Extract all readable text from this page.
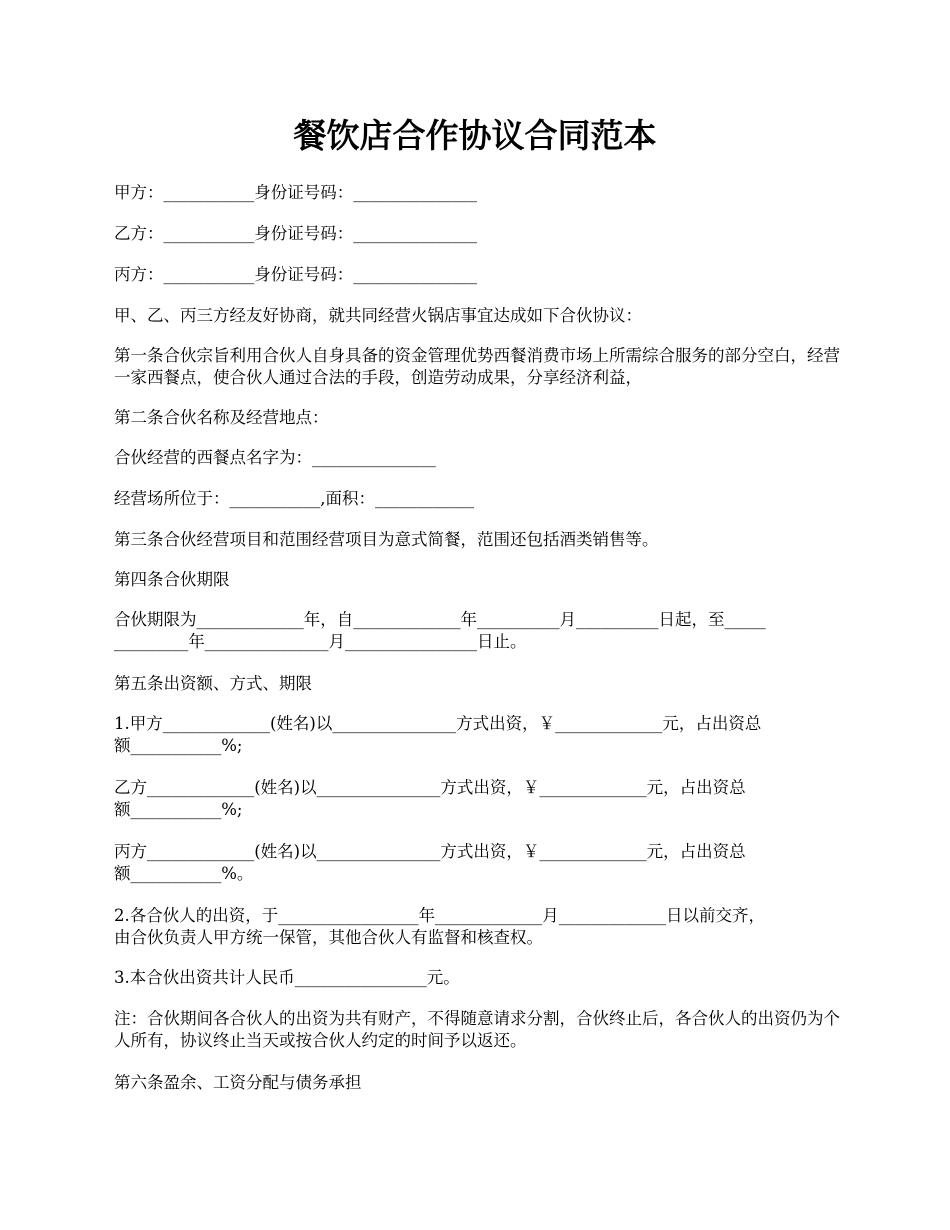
餐饮店合作协议合同范本
甲方：___________身份证号码：_______________
乙方：___________身份证号码：_______________
丙方：___________身份证号码：_______________
甲、乙、丙三方经友好协商，就共同经营火锅店事宜达成如下合伙协议：
第一条合伙宗旨利用合伙人自身具备的资金管理优势西餐消费市场上所需综合服务的部分空白，经营一家西餐点，使合伙人通过合法的手段，创造劳动成果，分享经济利益，
第二条合伙名称及经营地点：
合伙经营的西餐点名字为：_______________
经营场所位于：___________,面积：____________
第三条合伙经营项目和范围经营项目为意式简餐，范围还包括酒类销售等。
第四条合伙期限
合伙期限为_____________年，自_____________年__________月__________日起，至_____
_________年_______________月________________日止。
第五条出资额、方式、期限
1.甲方_____________(姓名)以_______________方式出资，￥_____________元，占出资总
额___________%;
乙方_____________(姓名)以_______________方式出资，￥_____________元，占出资总
额___________%;
丙方_____________(姓名)以_______________方式出资，￥_____________元，占出资总
额___________%。
2.各合伙人的出资，于_________________年_____________月_____________日以前交齐，
由合伙负责人甲方统一保管，其他合伙人有监督和核查权。
3.本合伙出资共计人民币________________元。
注：合伙期间各合伙人的出资为共有财产，不得随意请求分割，合伙终止后，各合伙人的出资仍为个人所有，协议终止当天或按合伙人约定的时间予以返还。
第六条盈余、工资分配与债务承担
